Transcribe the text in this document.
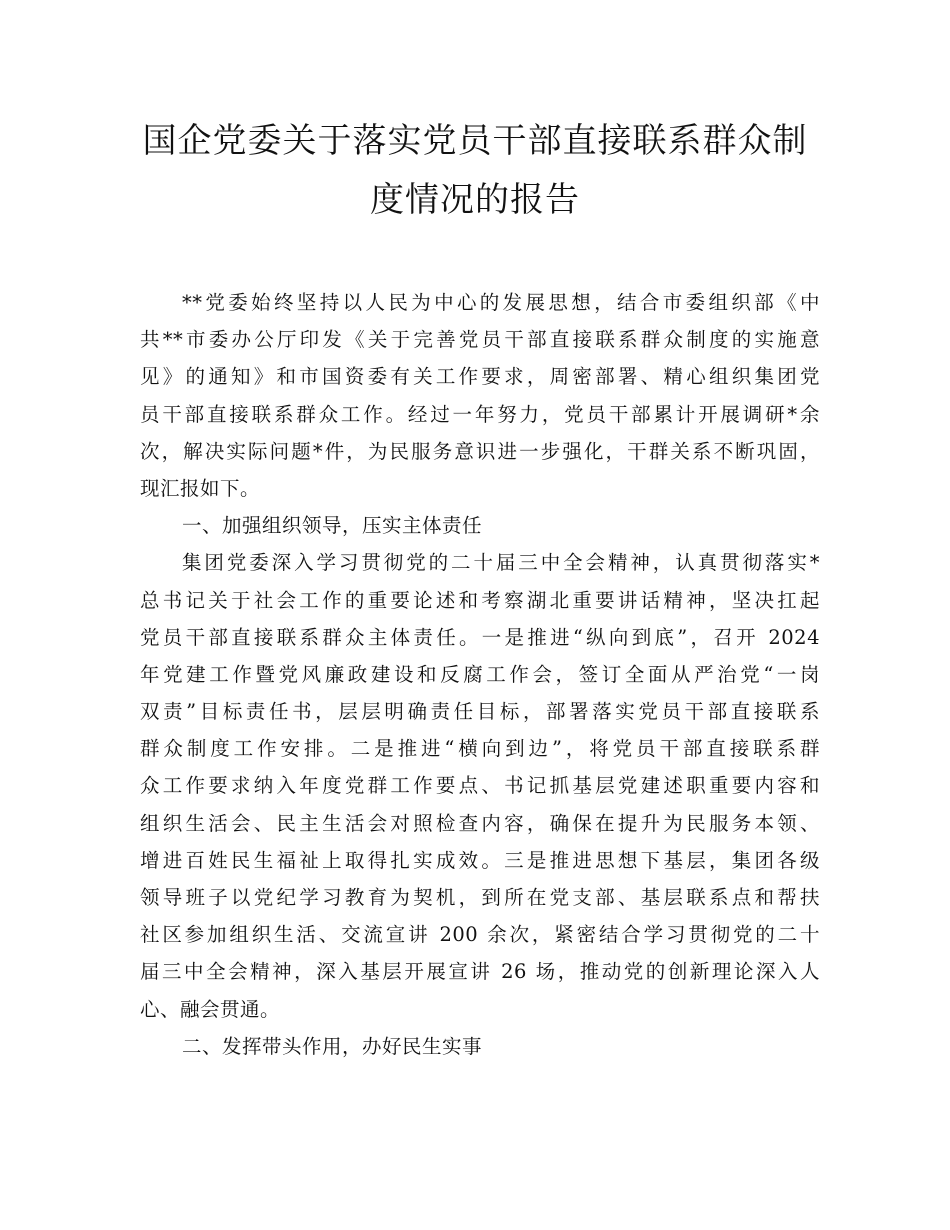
国企党委关于落实党员干部直接联系群众制
度情况的报告
**党委始终坚持以人民为中心的发展思想，结合市委组织部《中
共**市委办公厅印发《关于完善党员干部直接联系群众制度的实施意
见》的通知》和市国资委有关工作要求，周密部署、精心组织集团党
员干部直接联系群众工作。经过一年努力，党员干部累计开展调研*余
次，解决实际问题*件，为民服务意识进一步强化，干群关系不断巩固，
现汇报如下。
一、加强组织领导，压实主体责任
集团党委深入学习贯彻党的二十届三中全会精神，认真贯彻落实*
总书记关于社会工作的重要论述和考察湖北重要讲话精神，坚决扛起
党员干部直接联系群众主体责任。一是推进“纵向到底”，召开 2024
年党建工作暨党风廉政建设和反腐工作会，签订全面从严治党“一岗
双责”目标责任书，层层明确责任目标，部署落实党员干部直接联系
群众制度工作安排。二是推进“横向到边”，将党员干部直接联系群
众工作要求纳入年度党群工作要点、书记抓基层党建述职重要内容和
组织生活会、民主生活会对照检查内容，确保在提升为民服务本领、
增进百姓民生福祉上取得扎实成效。三是推进思想下基层，集团各级
领导班子以党纪学习教育为契机，到所在党支部、基层联系点和帮扶
社区参加组织生活、交流宣讲 200 余次，紧密结合学习贯彻党的二十
届三中全会精神，深入基层开展宣讲 26 场，推动党的创新理论深入人
心、融会贯通。
二、发挥带头作用，办好民生实事
